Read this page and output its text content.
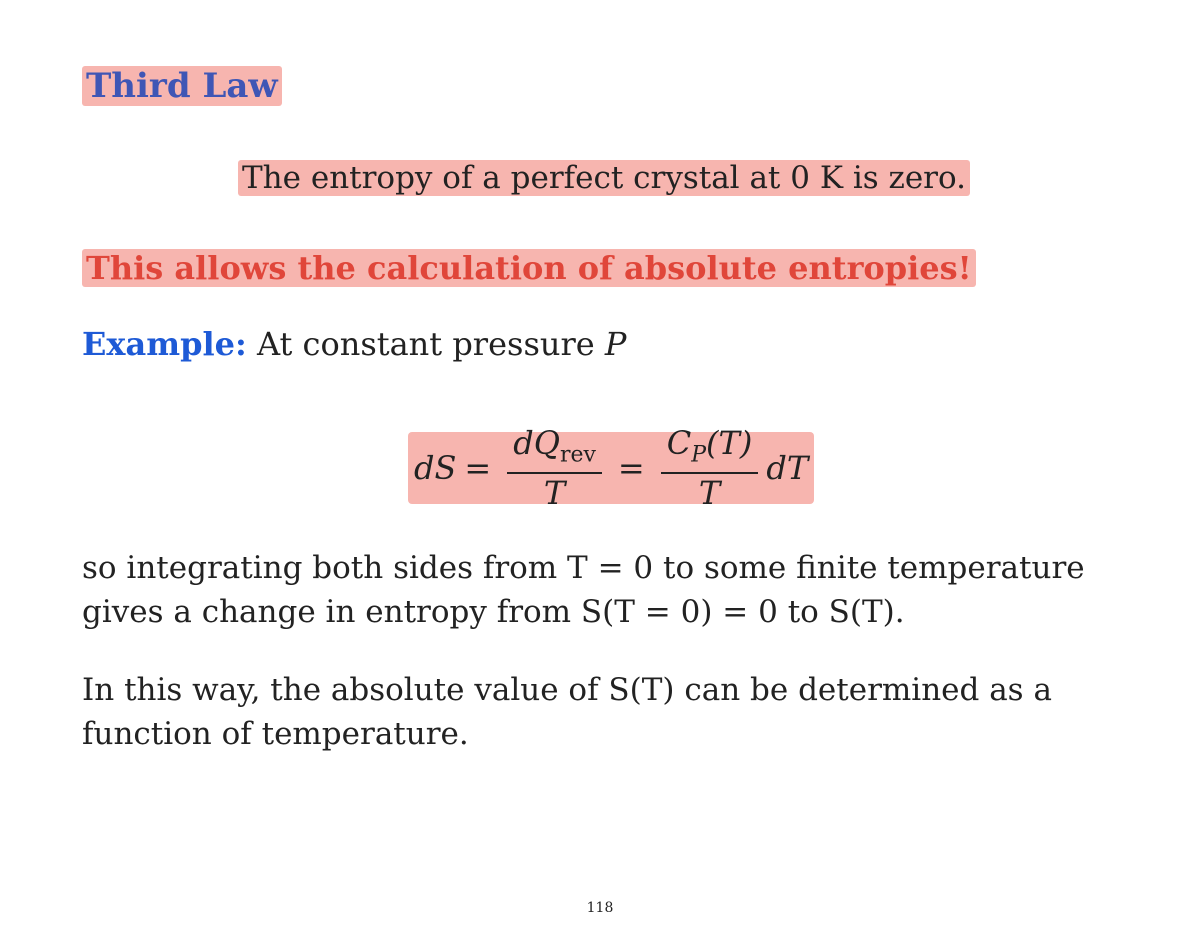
Third Law
The entropy of a perfect crystal at 0 K is zero.
This allows the calculation of absolute entropies!
Example: At constant pressure P
dS = $\frac{dQ_{rev}}{T} = \frac{C_P(T)}{T}$ dT
so integrating both sides from T = 0 to some finite temperature gives a change in entropy from S(T = 0) = 0 to S(T).
In this way, the absolute value of S(T) can be determined as a function of temperature.
118
